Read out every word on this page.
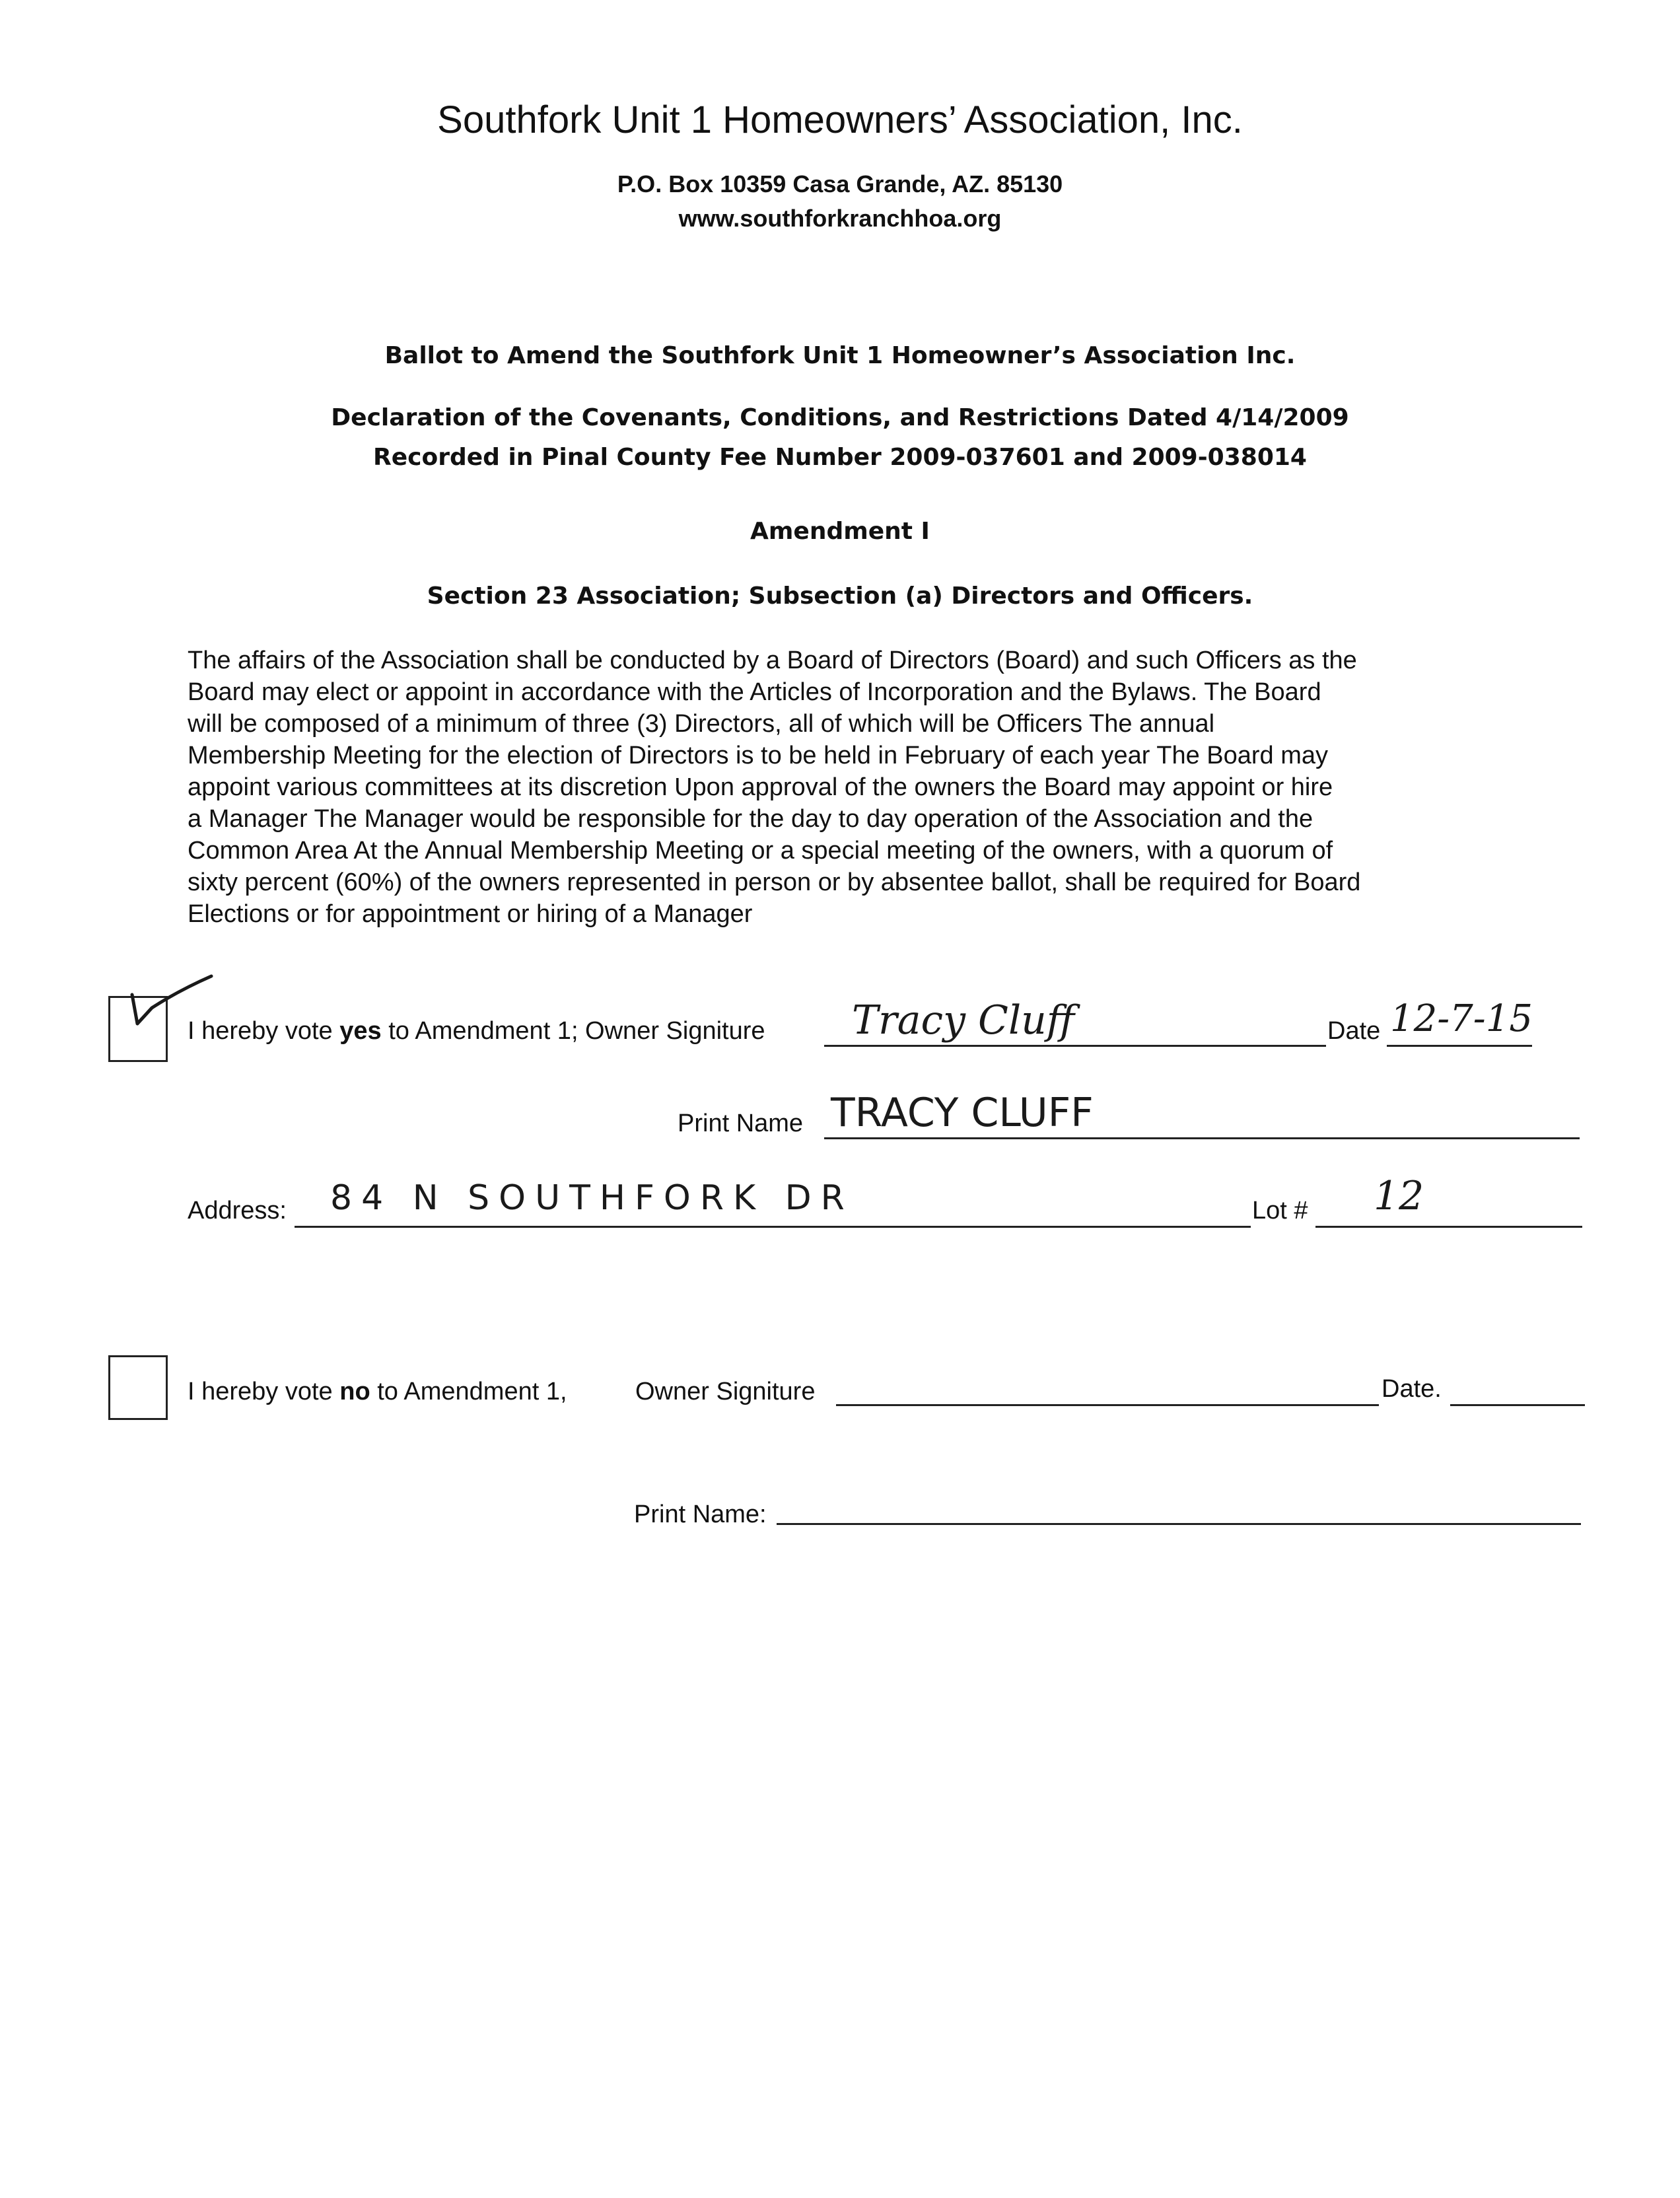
Southfork Unit 1 Homeowners’ Association, Inc.
P.O. Box 10359 Casa Grande, AZ. 85130
www.southforkranchhoa.org
Ballot to Amend the Southfork Unit 1 Homeowner’s Association Inc.
Declaration of the Covenants, Conditions, and Restrictions Dated 4/14/2009
Recorded in Pinal County Fee Number 2009-037601 and 2009-038014
Amendment I
Section 23 Association; Subsection (a) Directors and Officers.
The affairs of the Association shall be conducted by a Board of Directors (Board) and such Officers as the
Board may elect or appoint in accordance with the Articles of Incorporation and the Bylaws. The Board
will be composed of a minimum of three (3) Directors, all of which will be Officers The annual
Membership Meeting for the election of Directors is to be held in February of each year The Board may
appoint various committees at its discretion Upon approval of the owners the Board may appoint or hire
a Manager The Manager would be responsible for the day to day operation of the Association and the
Common Area At the Annual Membership Meeting or a special meeting of the owners, with a quorum of
sixty percent (60%) of the owners represented in person or by absentee ballot, shall be required for Board
Elections or for appointment or hiring of a Manager
I hereby vote yes to Amendment 1; Owner Signiture Tracy Cluff	Date 12-7-15
Print Name TRACY CLUFF
Address: 84 N SOUTHFORK DR	Lot # 12
I hereby vote no to Amendment 1,	Owner Signiture	Date.
Print Name:
